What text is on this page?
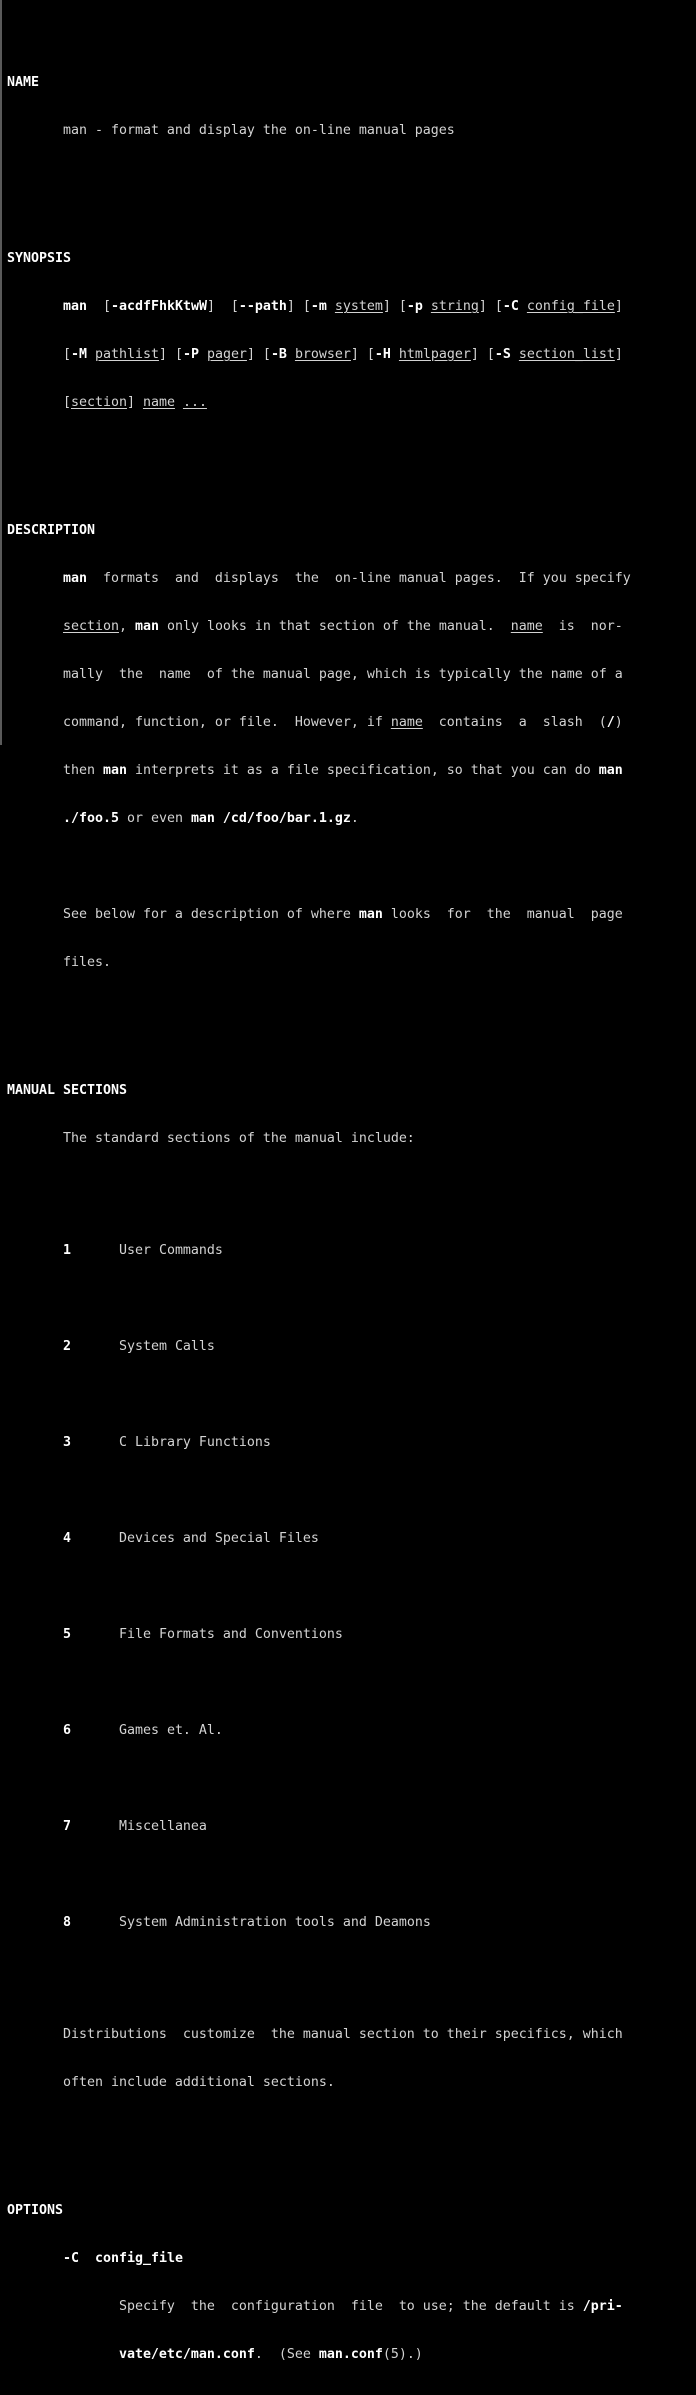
NAME

man - format and display the on-line manual pages

SYNOPSIS

man  [-acdfFhkKtwW]  [--path] [-m system] [-p string] [-C config_file]

[-M pathlist] [-P pager] [-B browser] [-H htmlpager] [-S section_list]

[section] name ...

DESCRIPTION

man  formats  and  displays  the  on-line manual pages.  If you specify

section, man only looks in that section of the manual.  name  is  nor-

mally  the  name  of the manual page, which is typically the name of a

command, function, or file.  However, if name  contains  a  slash  (/)

then man interprets it as a file specification, so that you can do man

./foo.5 or even man /cd/foo/bar.1.gz.

See below for a description of where man looks  for  the  manual  page

files.

MANUAL SECTIONS

The standard sections of the manual include:

1	User Commands

2	System Calls

3	C Library Functions

4	Devices and Special Files

5	File Formats and Conventions

6	Games et. Al.

7	Miscellanea

8	System Administration tools and Deamons

Distributions  customize  the manual section to their specifics, which

often include additional sections.

OPTIONS

-C config_file

Specify  the  configuration  file  to use; the default is /pri-

vate/etc/man.conf.  (See man.conf(5).)
